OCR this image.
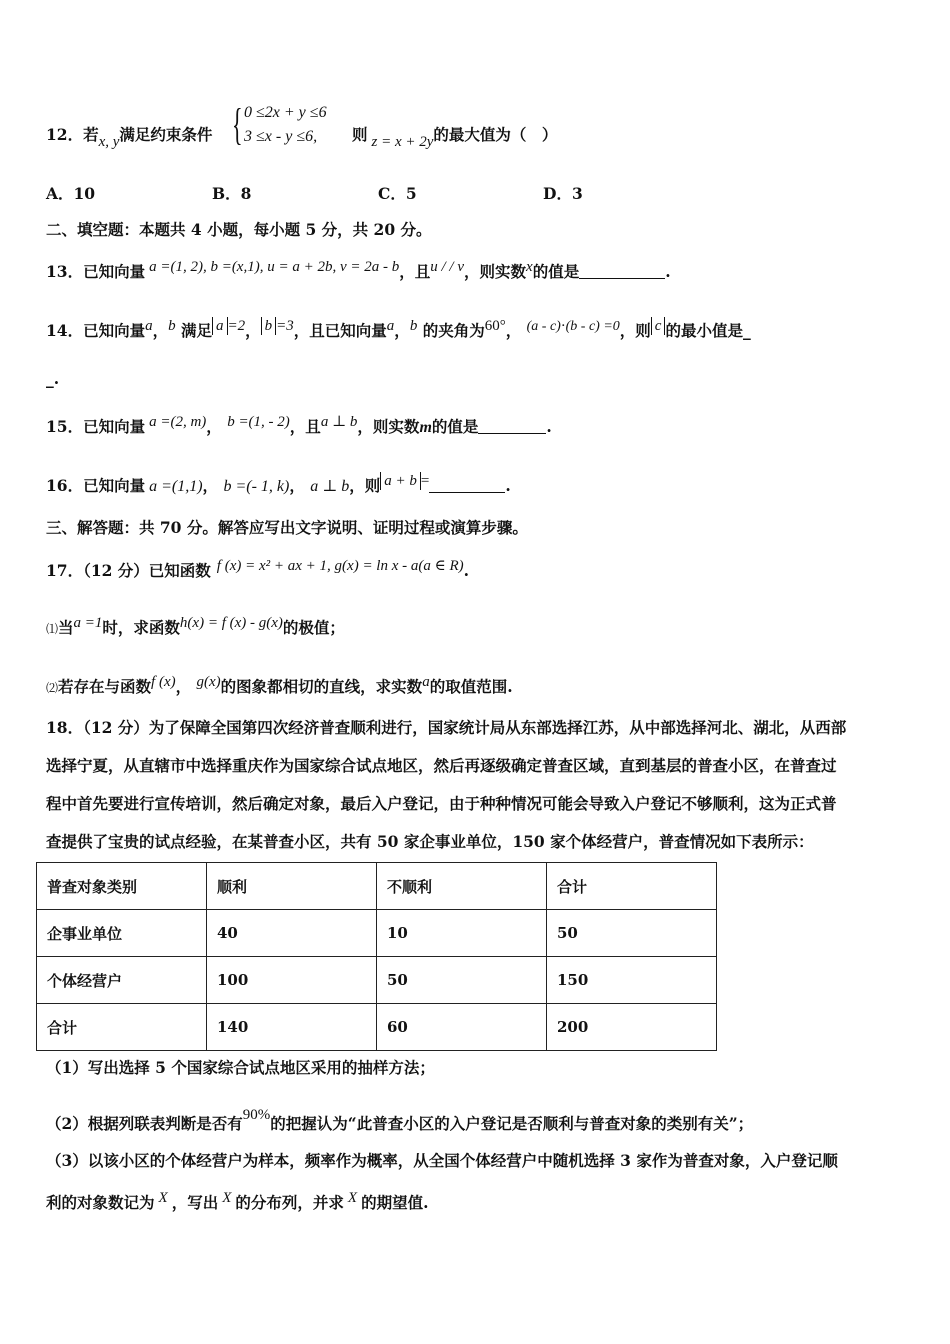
12．若x, y满足约束条件 { 0 ≤2x + y ≤6
3 ≤x - y ≤6,	则 z = x + 2y的最大值为（　）
A．10	B．8	C．5	D．3
二、填空题：本题共 4 小题，每小题 5 分，共 20 分。
13．已知向量 a =(1, 2), b =(x,1), u = a + 2b, v = 2a - b，且u / / v，则实数x的值是	.
14．已知向量a，b 满足 a =2， b =3，且已知向量a，b 的夹角为60°， (a - c)⋅(b - c) =0，则 c 的最小值是_
_.
15．已知向量 a =(2, m)， b =(1, - 2)，且a ⊥ b，则实数m的值是	.
16．已知向量 a =(1,1)， b =(- 1, k)， a ⊥ b，则 a + b =	.
三、解答题：共 70 分。解答应写出文字说明、证明过程或演算步骤。
17．（12 分）已知函数 f (x) = x² + ax + 1, g(x) = ln x - a(a ∈ R).
⑴当a =1时，求函数h(x) = f (x) - g(x)的极值；
⑵若存在与函数f (x)， g(x)的图象都相切的直线，求实数a的取值范围.
18．（12 分）为了保障全国第四次经济普查顺利进行，国家统计局从东部选择江苏，从中部选择河北、湖北，从西部
选择宁夏，从直辖市中选择重庆作为国家综合试点地区，然后再逐级确定普查区域，直到基层的普查小区，在普查过
程中首先要进行宣传培训，然后确定对象，最后入户登记，由于种种情况可能会导致入户登记不够顺利，这为正式普
查提供了宝贵的试点经验，在某普查小区，共有 50 家企事业单位，150 家个体经营户，普查情况如下表所示：
普查对象类别	顺利	不顺利	合计
企事业单位	40	10	50
个体经营户	100	50	150
合计	140	60	200
（1）写出选择 5 个国家综合试点地区采用的抽样方法；
（2）根据列联表判断是否有90%的把握认为“此普查小区的入户登记是否顺利与普查对象的类别有关”；
（3）以该小区的个体经营户为样本，频率作为概率，从全国个体经营户中随机选择 3 家作为普查对象，入户登记顺
利的对象数记为 X ，写出 X 的分布列，并求 X 的期望值.
